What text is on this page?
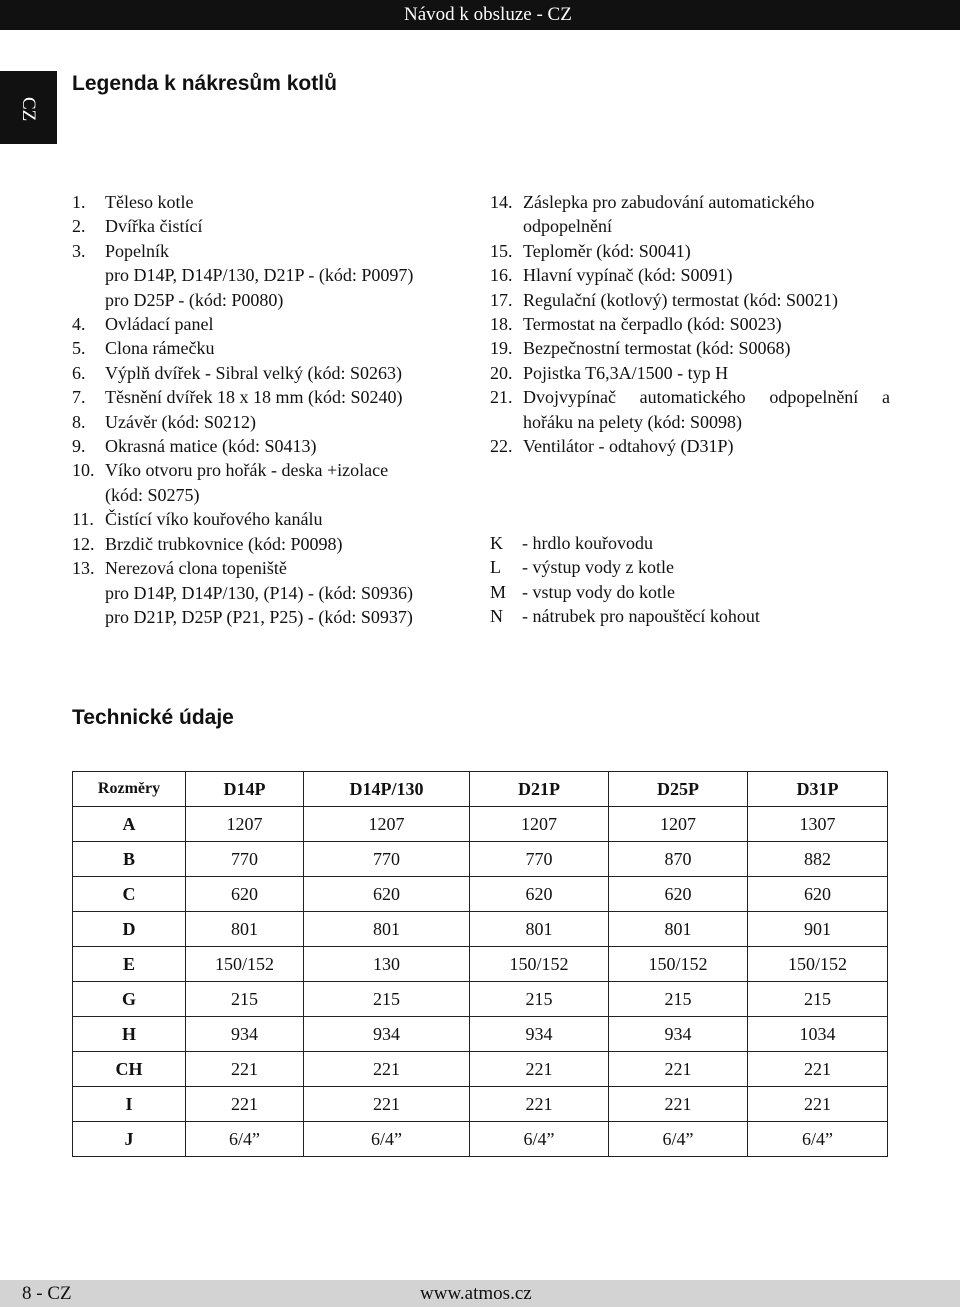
Návod k obsluze - CZ
CZ
Legenda k nákresům kotlů
1.	Těleso kotle
2.	Dvířka čistící
3.	Popelník
pro D14P, D14P/130, D21P - (kód: P0097)
pro D25P - (kód: P0080)
4.	Ovládací panel
5.	Clona rámečku
6.	Výplň dvířek - Sibral velký (kód: S0263)
7.	Těsnění dvířek 18 x 18 mm (kód: S0240)
8.	Uzávěr (kód: S0212)
9.	Okrasná matice (kód: S0413)
10. Víko otvoru pro hořák - deska +izolace
(kód: S0275)
11. Čistící víko kouřového kanálu
12. Brzdič trubkovnice (kód: P0098)
13. Nerezová clona topeniště
pro D14P, D14P/130, (P14) - (kód: S0936)
pro D21P, D25P (P21, P25) - (kód: S0937)
14. Záslepka pro zabudování automatického
odpopelnění
15. Teploměr (kód: S0041)
16. Hlavní vypínač (kód: S0091)
17. Regulační (kotlový) termostat (kód: S0021)
18. Termostat na čerpadlo (kód: S0023)
19. Bezpečnostní termostat (kód: S0068)
20. Pojistka T6,3A/1500 - typ H
21. Dvojvypínač automatického odpopelnění a
hořáku na pelety (kód: S0098)
22. Ventilátor - odtahový (D31P)
K	- hrdlo kouřovodu
L	- výstup vody z kotle
M - vstup vody do kotle
N	- nátrubek pro napouštěcí kohout
Technické údaje
Rozměry	D14P	D14P/130	D21P	D25P	D31P
A	1207	1207	1207	1207	1307
B	770	770	770	870	882
C	620	620	620	620	620
D	801	801	801	801	901
E	150/152	130	150/152	150/152	150/152
G	215	215	215	215	215
H	934	934	934	934	1034
CH	221	221	221	221	221
I	221	221	221	221	221
J	6/4”	6/4”	6/4”	6/4”	6/4”
8 - CZ	www.atmos.cz
